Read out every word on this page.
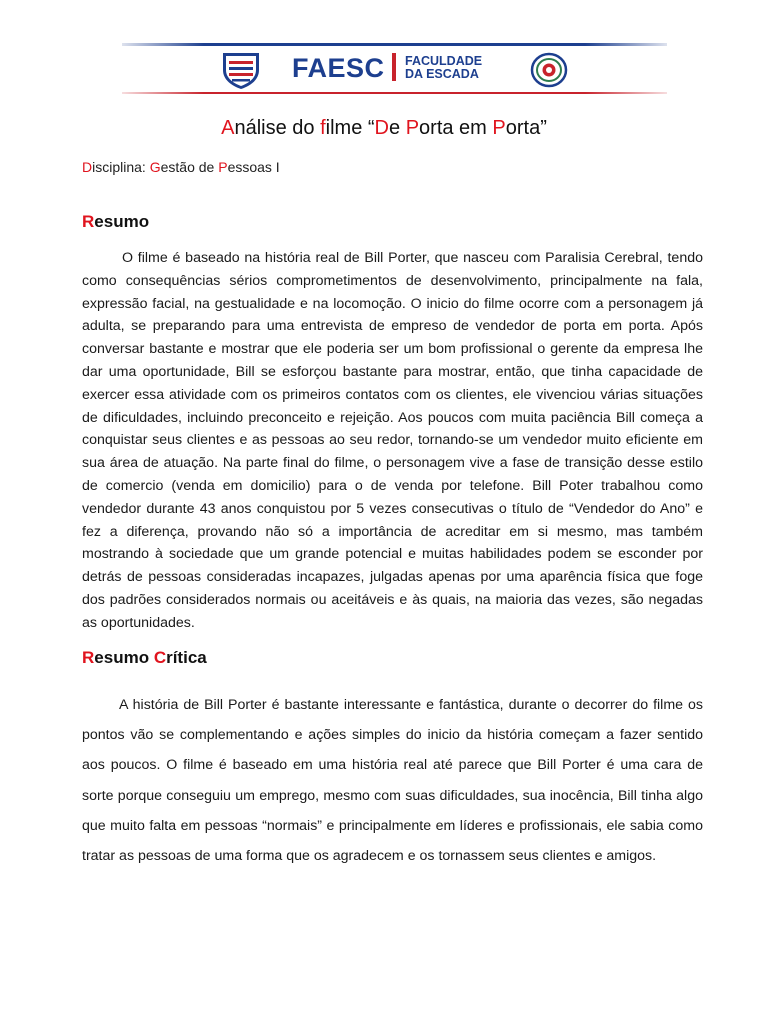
FAESC FACULDADE
DA ESCADA
Análise do filme “De Porta em Porta”
Disciplina: Gestão de Pessoas I
Resumo

O filme é baseado na história real de Bill Porter, que nasceu com Paralisia Cerebral, tendo como consequências sérios comprometimentos de desenvolvimento, principalmente na fala, expressão facial, na gestualidade e na locomoção. O inicio do filme ocorre com a personagem já adulta, se preparando para uma entrevista de empreso de vendedor de porta em porta. Após conversar bastante e mostrar que ele poderia ser um bom profissional o gerente da empresa lhe dar uma oportunidade, Bill se esforçou bastante para mostrar, então, que tinha capacidade de exercer essa atividade com os primeiros contatos com os clientes, ele vivenciou várias situações de dificuldades, incluindo preconceito e rejeição. Aos poucos com muita paciência Bill começa a conquistar seus clientes e as pessoas ao seu redor, tornando-se um vendedor muito eficiente em sua área de atuação. Na parte final do filme, o personagem vive a fase de transição desse estilo de comercio (venda em domicilio) para o de venda por telefone. Bill Poter trabalhou como vendedor durante 43 anos conquistou por 5 vezes consecutivas o título de “Vendedor do Ano” e fez a diferença, provando não só a importância de acreditar em si mesmo, mas também mostrando à sociedade que um grande potencial e muitas habilidades podem se esconder por detrás de pessoas consideradas incapazes, julgadas apenas por uma aparência física que foge dos padrões considerados normais ou aceitáveis e às quais, na maioria das vezes, são negadas as oportunidades.

Resumo Crítica

A história de Bill Porter é bastante interessante e fantástica, durante o decorrer do filme os pontos vão se complementando e ações simples do inicio da história começam a fazer sentido aos poucos. O filme é baseado em uma história real até parece que Bill Porter é uma cara de sorte porque conseguiu um emprego, mesmo com suas dificuldades, sua inocência, Bill tinha algo que muito falta em pessoas “normais” e principalmente em líderes e profissionais, ele sabia como tratar as pessoas de uma forma que os agradecem e os tornassem seus clientes e amigos.
